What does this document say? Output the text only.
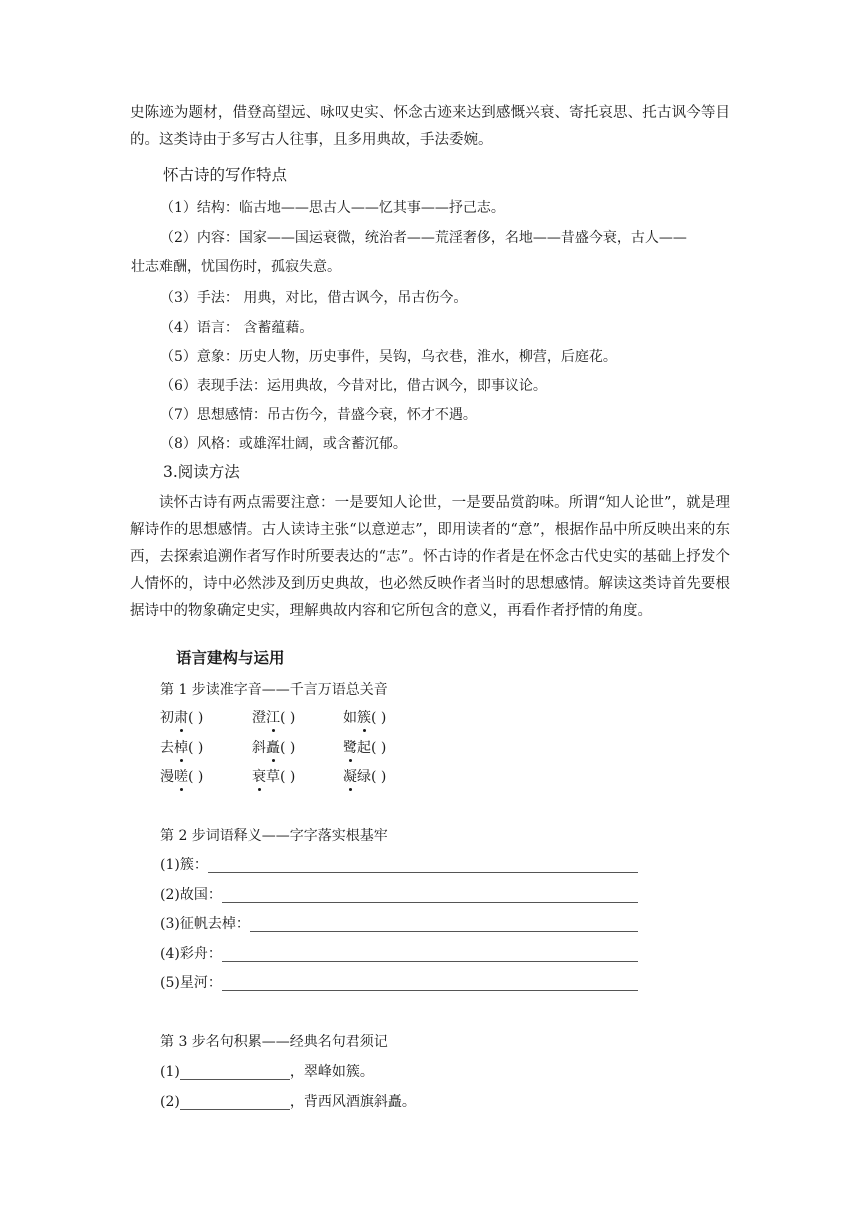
史陈迹为题材，借登高望远、咏叹史实、怀念古迹来达到感慨兴衰、寄托哀思、托古讽今等目的。这类诗由于多写古人往事，且多用典故，手法委婉。
怀古诗的写作特点
（1）结构：临古地——思古人——忆其事——抒己志。
（2）内容：国家——国运衰微，统治者——荒淫奢侈，名地——昔盛今衰，古人——
壮志难酬，忧国伤时，孤寂失意。
（3）手法： 用典，对比，借古讽今，吊古伤今。
（4）语言： 含蓄蕴藉。
（5）意象：历史人物，历史事件，吴钩，乌衣巷，淮水，柳营，后庭花。
（6）表现手法：运用典故，今昔对比，借古讽今，即事议论。
（7）思想感情：吊古伤今，昔盛今衰，怀才不遇。
（8）风格：或雄浑壮阔，或含蓄沉郁。
3.阅读方法
读怀古诗有两点需要注意：一是要知人论世，一是要品赏韵味。所谓“知人论世”，就是理解诗作的思想感情。古人读诗主张“以意逆志”，即用读者的“意”，根据作品中所反映出来的东西，去探索追溯作者写作时所要表达的“志”。怀古诗的作者是在怀念古代史实的基础上抒发个人情怀的，诗中必然涉及到历史典故，也必然反映作者当时的思想感情。解读这类诗首先要根据诗中的物象确定史实，理解典故内容和它所包含的意义，再看作者抒情的角度。
语言建构与运用
第 1 步读准字音——千言万语总关音
初肃( )	澄江( )	如簇( )
去棹( )	斜矗( )	鹭起( )
漫嗟( )	衰草( )	凝绿( )
第 2 步词语释义——字字落实根基牢
(1)簇：
(2)故国：
(3)征帆去棹：
(4)彩舟：
(5)星河：
第 3 步名句积累——经典名句君须记
(1)	，翠峰如簇。
(2)	，背西风酒旗斜矗。
